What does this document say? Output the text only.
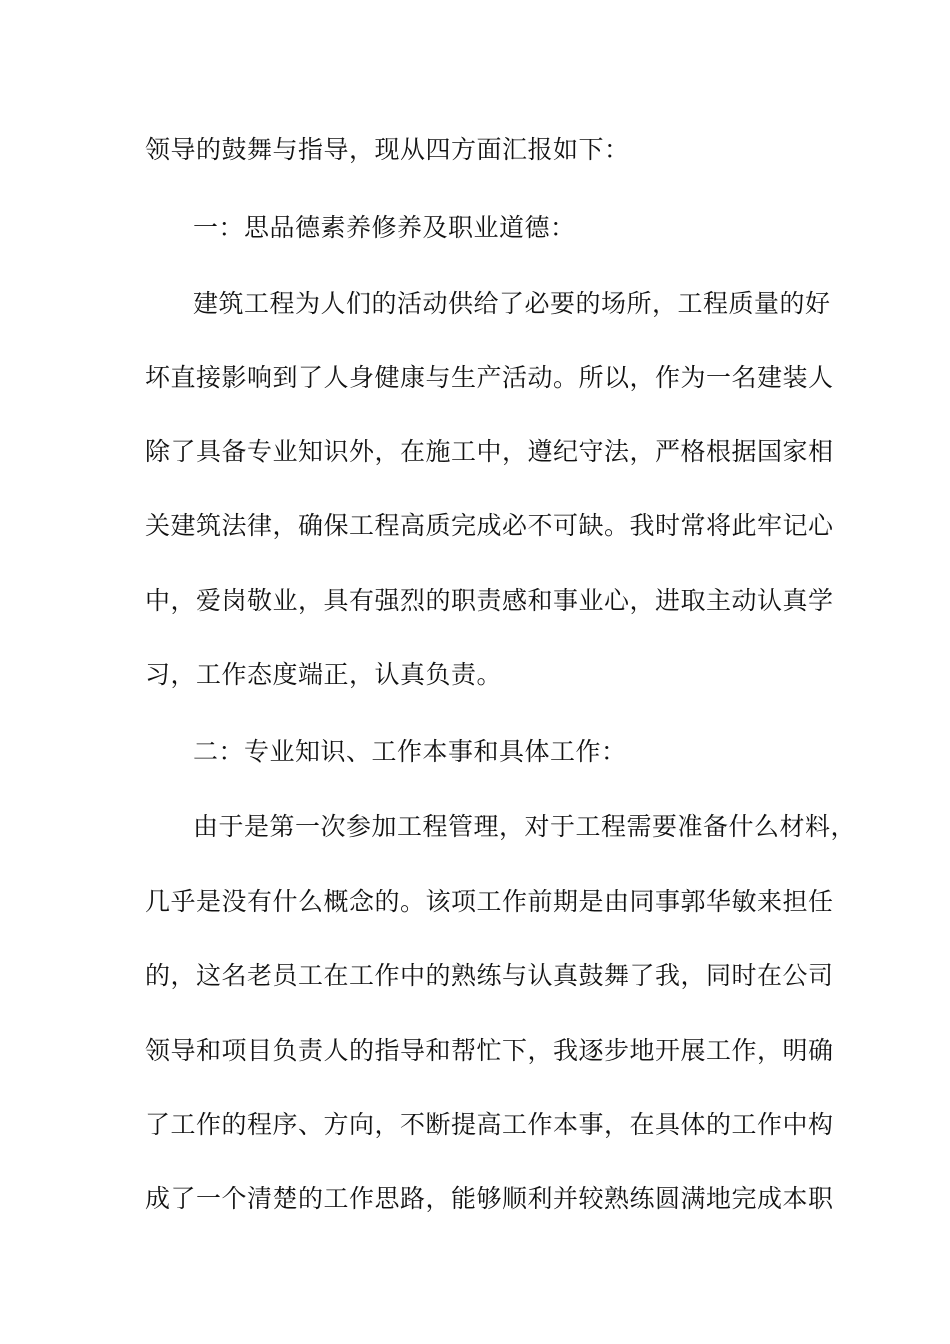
领导的鼓舞与指导，现从四方面汇报如下：
一：思品德素养修养及职业道德：
建筑工程为人们的活动供给了必要的场所，工程质量的好
坏直接影响到了人身健康与生产活动。所以，作为一名建装人
除了具备专业知识外，在施工中，遵纪守法，严格根据国家相
关建筑法律，确保工程高质完成必不可缺。我时常将此牢记心
中，爱岗敬业，具有强烈的职责感和事业心，进取主动认真学
习，工作态度端正，认真负责。
二：专业知识、工作本事和具体工作：
由于是第一次参加工程管理，对于工程需要准备什么材料，
几乎是没有什么概念的。该项工作前期是由同事郭华敏来担任
的，这名老员工在工作中的熟练与认真鼓舞了我，同时在公司
领导和项目负责人的指导和帮忙下，我逐步地开展工作，明确
了工作的程序、方向，不断提高工作本事，在具体的工作中构
成了一个清楚的工作思路，能够顺利并较熟练圆满地完成本职
